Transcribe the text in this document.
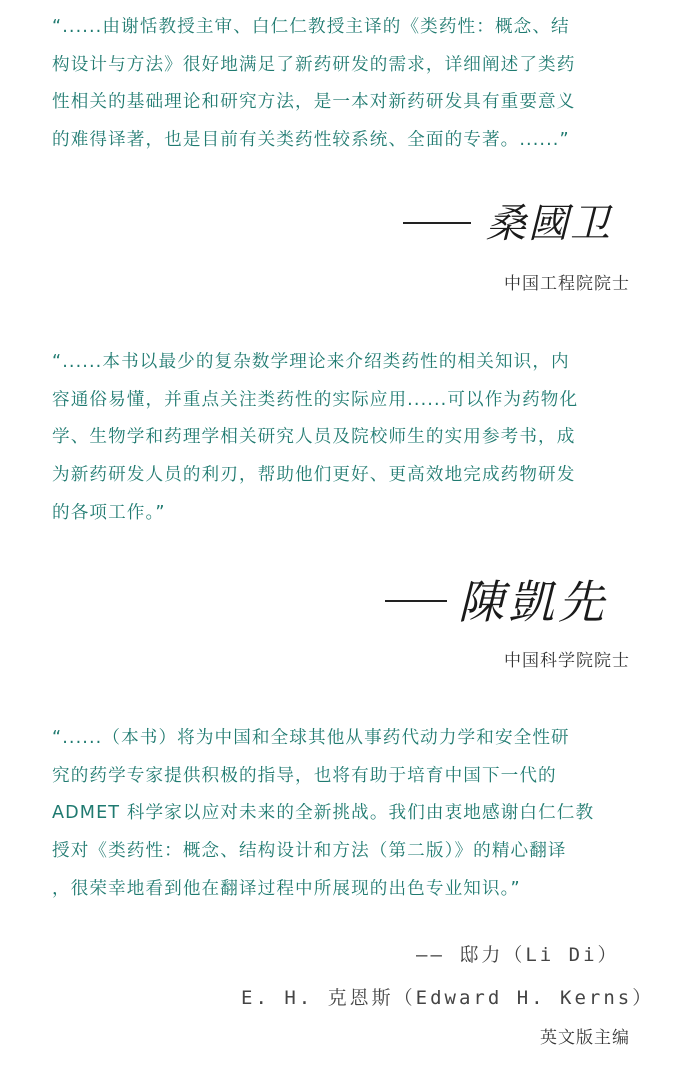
“......由谢恬教授主审、白仁仁教授主译的《类药性：概念、结
构设计与方法》很好地满足了新药研发的需求，详细阐述了类药
性相关的基础理论和研究方法，是一本对新药研发具有重要意义
的难得译著，也是目前有关类药性较系统、全面的专著。......”
桑國卫

中国工程院院士

“......本书以最少的复杂数学理论来介绍类药性的相关知识，内
容通俗易懂，并重点关注类药性的实际应用......可以作为药物化
学、生物学和药理学相关研究人员及院校师生的实用参考书，成
为新药研发人员的利刃，帮助他们更好、更高效地完成药物研发
的各项工作。”
陳凱先

中国科学院院士

“......（本书）将为中国和全球其他从事药代动力学和安全性研
究的药学专家提供积极的指导，也将有助于培育中国下一代的
ADMET 科学家以应对未来的全新挑战。我们由衷地感谢白仁仁教
授对《类药性：概念、结构设计和方法（第二版）》的精心翻译
，很荣幸地看到他在翻译过程中所展现的出色专业知识。”
—— 邸力（Li Di）
E. H. 克恩斯（Edward H. Kerns）

英文版主编
